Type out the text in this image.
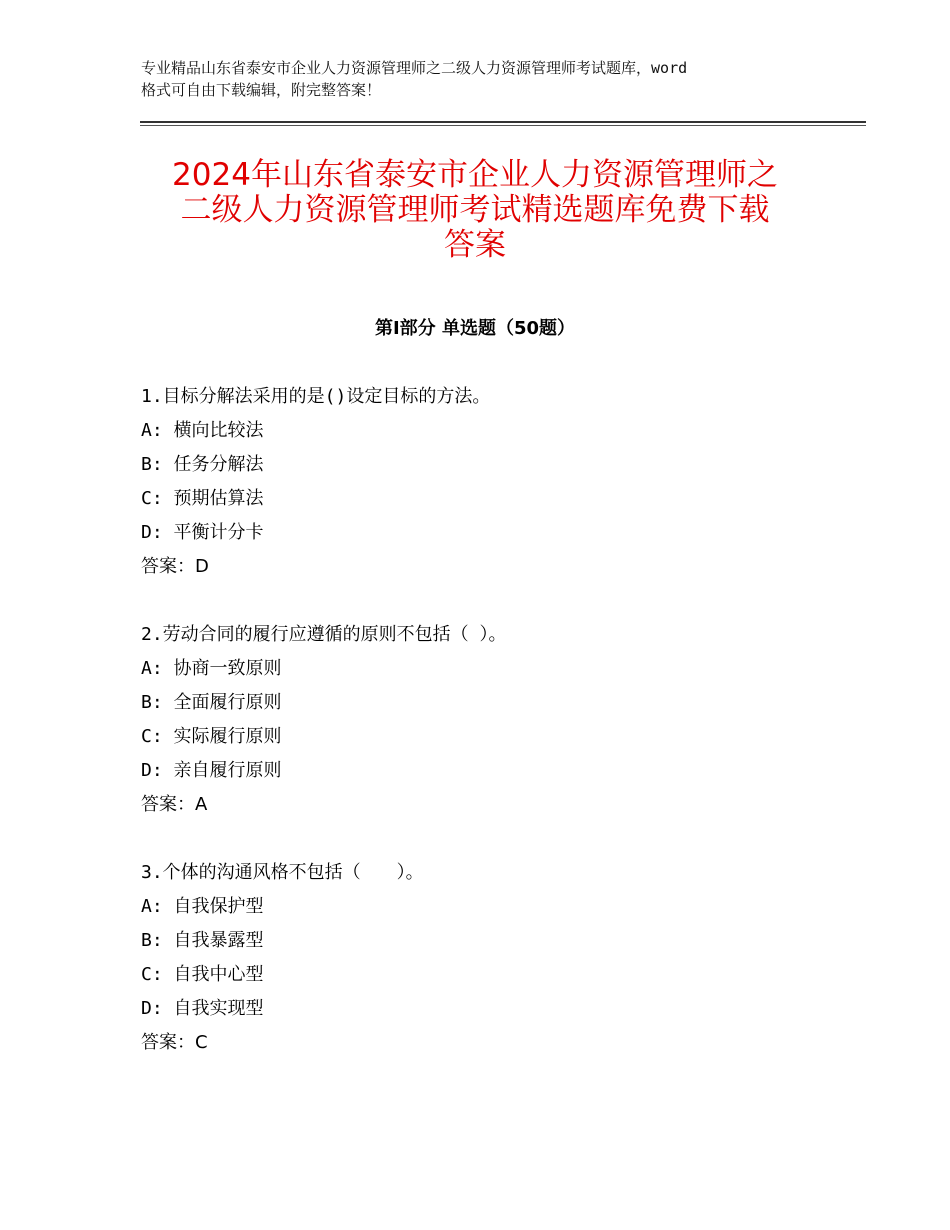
专业精品山东省泰安市企业人力资源管理师之二级人力资源管理师考试题库，word
格式可自由下载编辑，附完整答案！
2024年山东省泰安市企业人力资源管理师之
二级人力资源管理师考试精选题库免费下载
答案
第Ⅰ部分 单选题（50题）
1.目标分解法采用的是()设定目标的方法。
A: 横向比较法
B: 任务分解法
C: 预期估算法
D: 平衡计分卡
答案：D
2.劳动合同的履行应遵循的原则不包括（ ）。
A: 协商一致原则
B: 全面履行原则
C: 实际履行原则
D: 亲自履行原则
答案：A
3.个体的沟通风格不包括（　　）。
A: 自我保护型
B: 自我暴露型
C: 自我中心型
D: 自我实现型
答案：C
